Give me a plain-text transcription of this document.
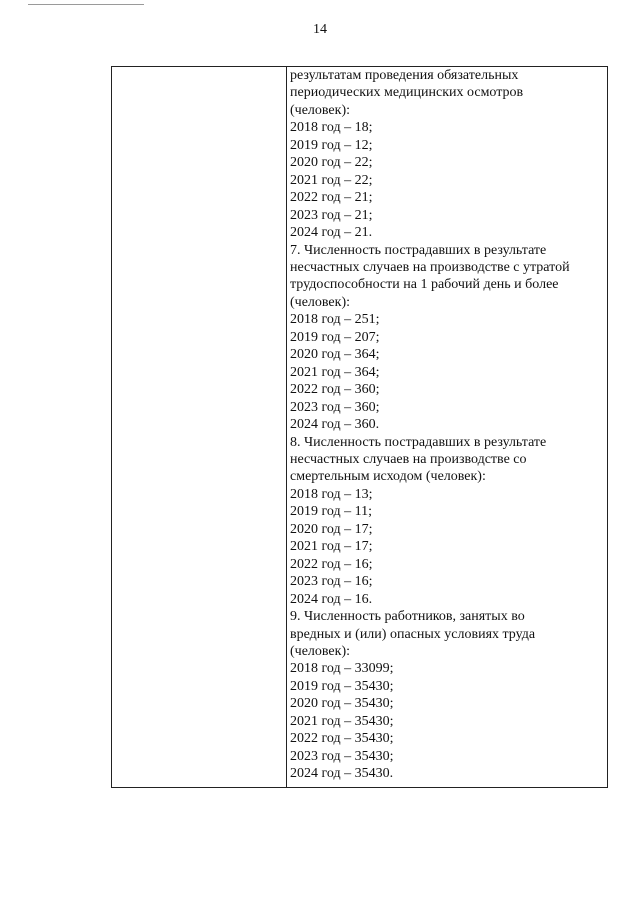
14
результатам проведения обязательных
периодических медицинских осмотров
(человек):
2018 год – 18;
2019 год – 12;
2020 год – 22;
2021 год – 22;
2022 год – 21;
2023 год – 21;
2024 год – 21.
7. Численность пострадавших в результате
несчастных случаев на производстве с утратой
трудоспособности на 1 рабочий день и более
(человек):
2018 год – 251;
2019 год – 207;
2020 год – 364;
2021 год – 364;
2022 год – 360;
2023 год – 360;
2024 год – 360.
8. Численность пострадавших в результате
несчастных случаев на производстве со
смертельным исходом (человек):
2018 год – 13;
2019 год – 11;
2020 год – 17;
2021 год – 17;
2022 год – 16;
2023 год – 16;
2024 год – 16.
9. Численность работников, занятых во
вредных и (или) опасных условиях труда
(человек):
2018 год – 33099;
2019 год – 35430;
2020 год – 35430;
2021 год – 35430;
2022 год – 35430;
2023 год – 35430;
2024 год – 35430.
